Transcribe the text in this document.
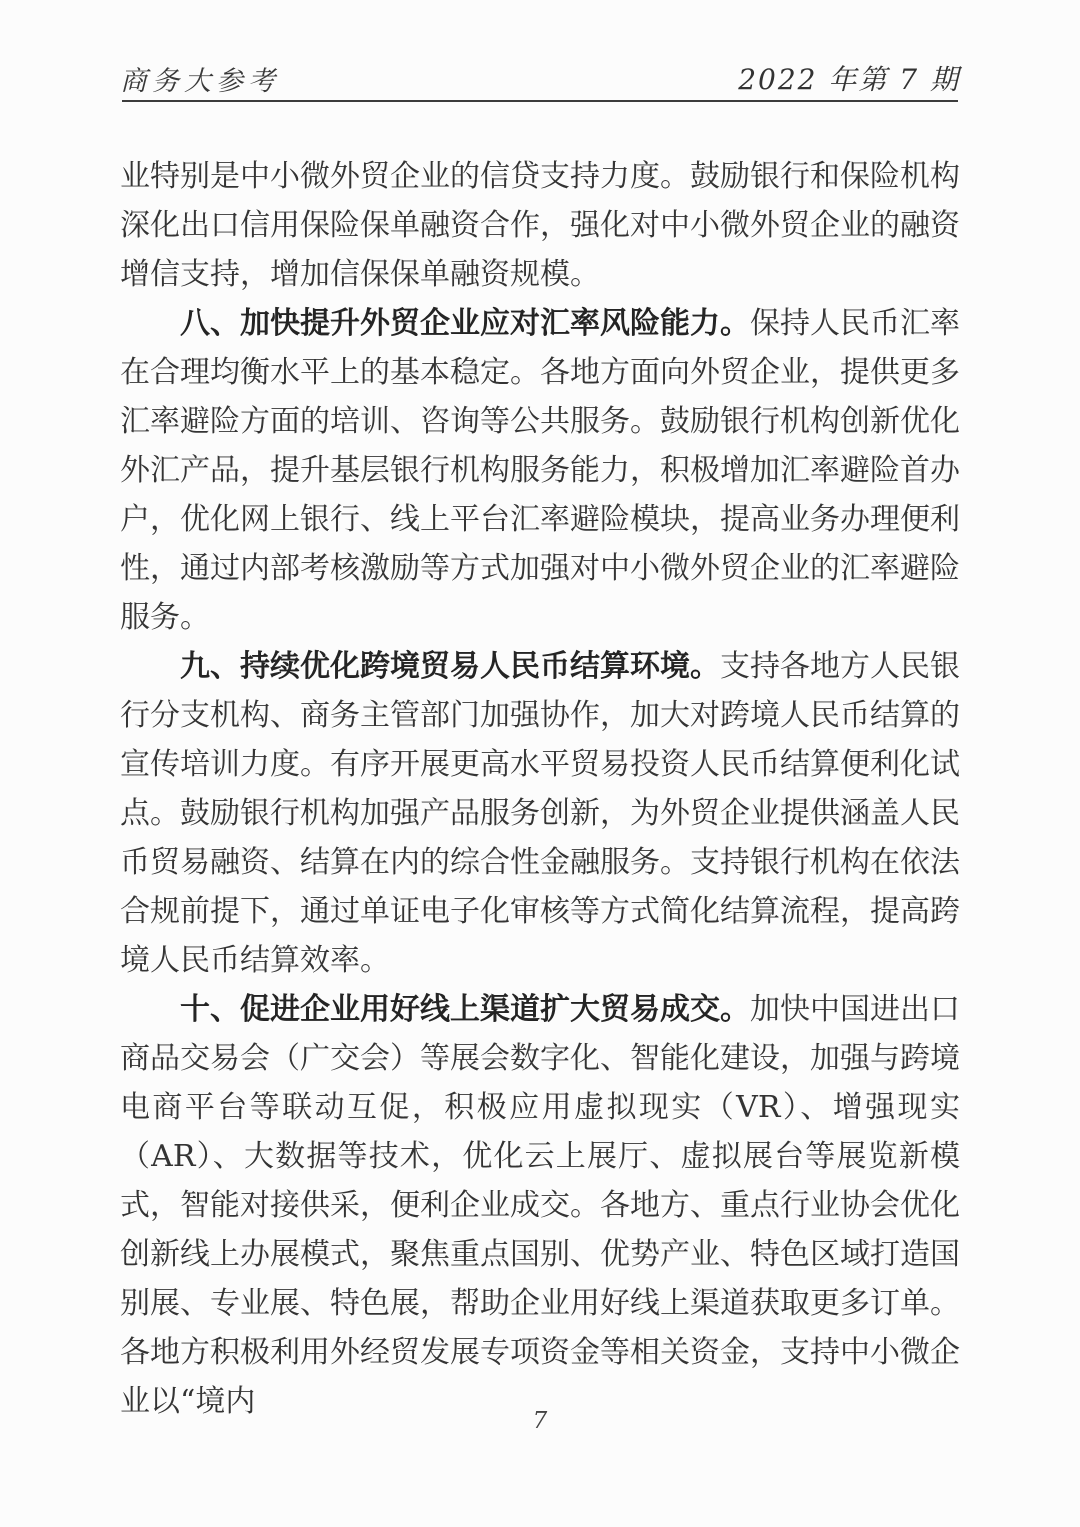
商务大参考	2022 年第 7 期

业特别是中小微外贸企业的信贷支持力度。鼓励银行和保险机构深化出口信用保险保单融资合作，强化对中小微外贸企业的融资增信支持，增加信保保单融资规模。

八、加快提升外贸企业应对汇率风险能力。保持人民币汇率在合理均衡水平上的基本稳定。各地方面向外贸企业，提供更多汇率避险方面的培训、咨询等公共服务。鼓励银行机构创新优化外汇产品，提升基层银行机构服务能力，积极增加汇率避险首办户，优化网上银行、线上平台汇率避险模块，提高业务办理便利性，通过内部考核激励等方式加强对中小微外贸企业的汇率避险服务。

九、持续优化跨境贸易人民币结算环境。支持各地方人民银行分支机构、商务主管部门加强协作，加大对跨境人民币结算的宣传培训力度。有序开展更高水平贸易投资人民币结算便利化试点。鼓励银行机构加强产品服务创新，为外贸企业提供涵盖人民币贸易融资、结算在内的综合性金融服务。支持银行机构在依法合规前提下，通过单证电子化审核等方式简化结算流程，提高跨境人民币结算效率。

十、促进企业用好线上渠道扩大贸易成交。加快中国进出口商品交易会（广交会）等展会数字化、智能化建设，加强与跨境电商平台等联动互促，积极应用虚拟现实（VR）、增强现实（AR）、大数据等技术，优化云上展厅、虚拟展台等展览新模式，智能对接供采，便利企业成交。各地方、重点行业协会优化创新线上办展模式，聚焦重点国别、优势产业、特色区域打造国别展、专业展、特色展，帮助企业用好线上渠道获取更多订单。各地方积极利用外经贸发展专项资金等相关资金，支持中小微企业以“境内

7
